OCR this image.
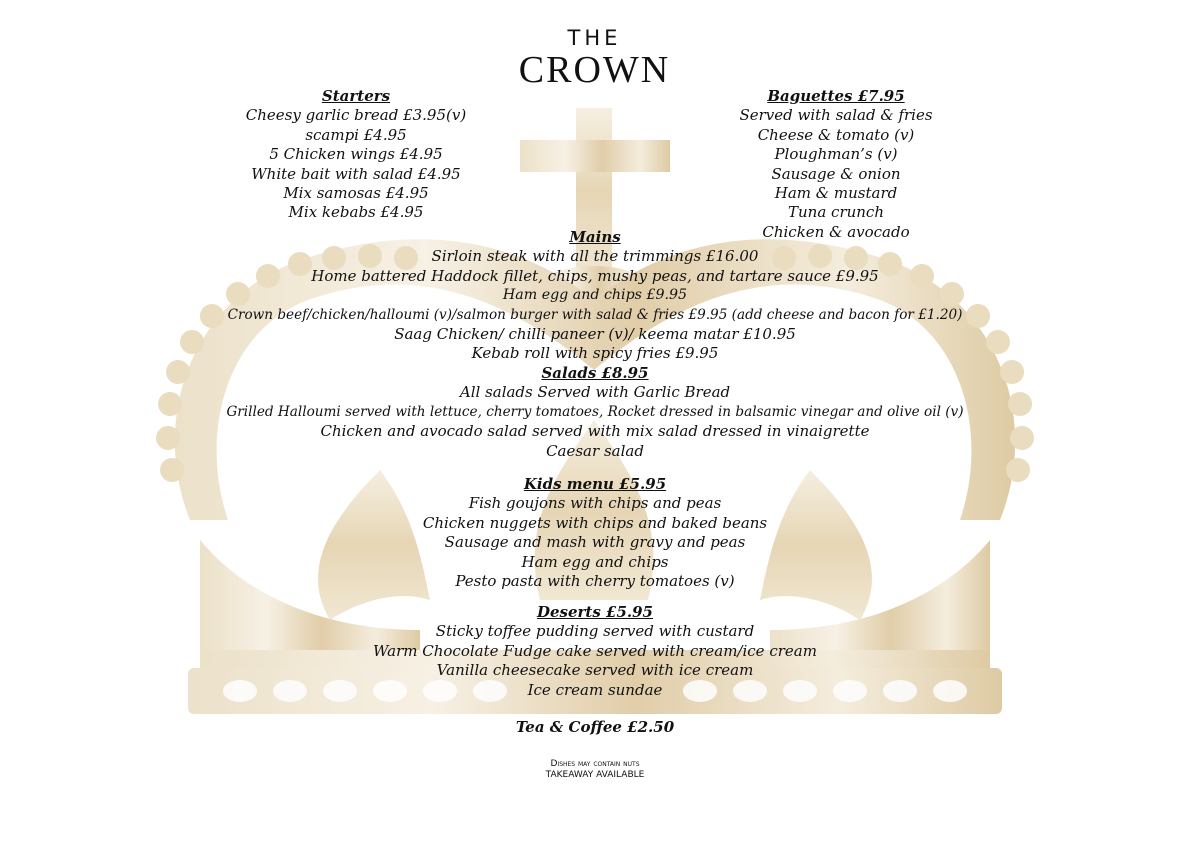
THE
CROWN
Starters
Cheesy garlic bread £3.95(v)
scampi £4.95
5 Chicken wings £4.95
White bait with salad £4.95
Mix samosas £4.95
Mix kebabs £4.95
Baguettes £7.95
Served with salad & fries
Cheese & tomato (v)
Ploughman’s (v)
Sausage & onion
Ham & mustard
Tuna crunch
Chicken & avocado
Mains
Sirloin steak with all the trimmings £16.00
Home battered Haddock fillet, chips, mushy peas, and tartare sauce £9.95
Ham egg and chips £9.95
Crown beef/chicken/halloumi (v)/salmon burger with salad & fries £9.95 (add cheese and bacon for £1.20)
Saag Chicken/ chilli paneer (v)/ keema matar £10.95
Kebab roll with spicy fries £9.95
Salads £8.95
All salads Served with Garlic Bread
Grilled Halloumi served with lettuce, cherry tomatoes, Rocket dressed in balsamic vinegar and olive oil (v)
Chicken and avocado salad served with mix salad dressed in vinaigrette
Caesar salad
Kids menu £5.95
Fish goujons with chips and peas
Chicken nuggets with chips and baked beans
Sausage and mash with gravy and peas
Ham egg and chips
Pesto pasta with cherry tomatoes (v)
Deserts £5.95
Sticky toffee pudding served with custard
Warm Chocolate Fudge cake served with cream/ice cream
Vanilla cheesecake served with ice cream
Ice cream sundae
Tea & Coffee £2.50
Dishes may contain nuts
TAKEAWAY AVAILABLE
